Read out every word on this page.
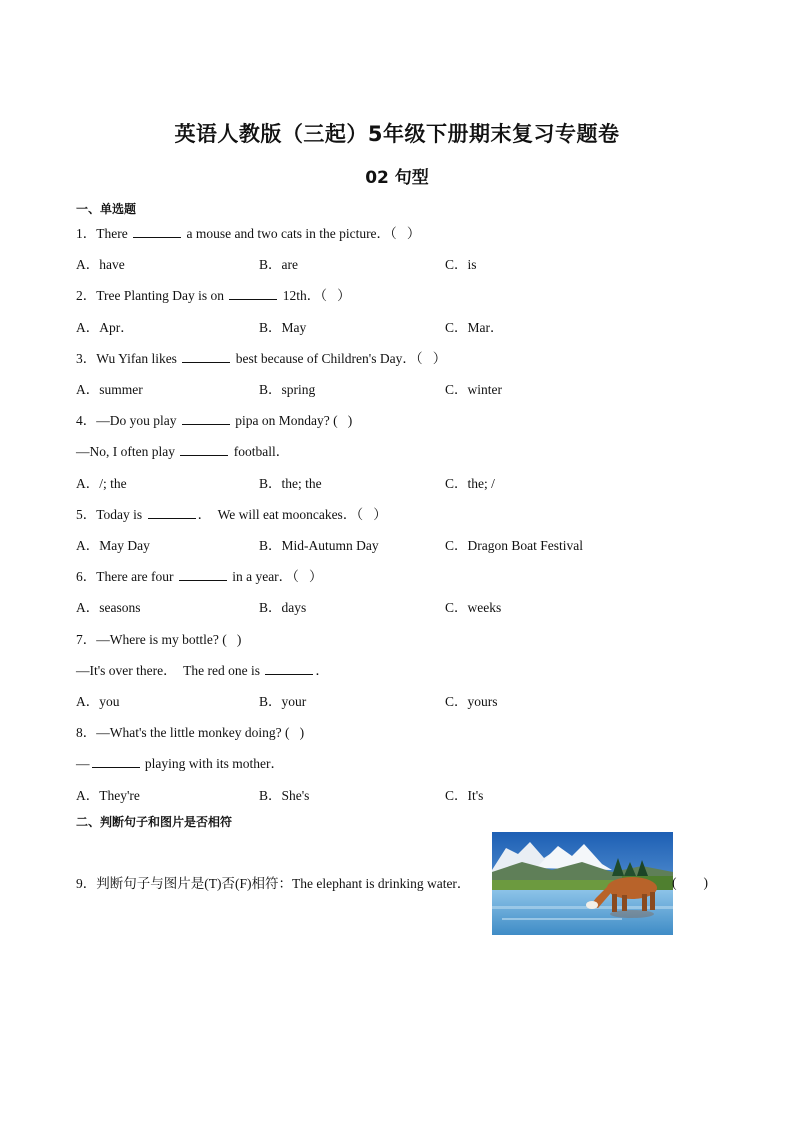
英语人教版（三起）5年级下册期末复习专题卷
02 句型
一、单选题
1．There	a mouse and two cats in the picture．（   ）
A．have	B．are	C．is
2．Tree Planting Day is on	12th．（   ）
A．Apr．	B．May	C．Mar．
3．Wu Yifan likes	best because of Children's Day．（   ）
A．summer	B．spring	C．winter
4．—Do you play	pipa on Monday? (   )
—No, I often play	football．
A．/; the	B．the; the	C．the; /
5．Today is	．  We will eat mooncakes．（   ）
A．May Day	B．Mid-Autumn Day	C．Dragon Boat Festival
6．There are four	in a year．（   ）
A．seasons	B．days	C．weeks
7．—Where is my bottle? (   )
—It's over there．  The red one is	．
A．you	B．your	C．yours
8．—What's the little monkey doing? (   )
—	playing with its mother．
A．They're	B．She's	C．It's
二、判断句子和图片是否相符
9．判断句子与图片是(T)否(F)相符：The elephant is drinking water．	(        )
